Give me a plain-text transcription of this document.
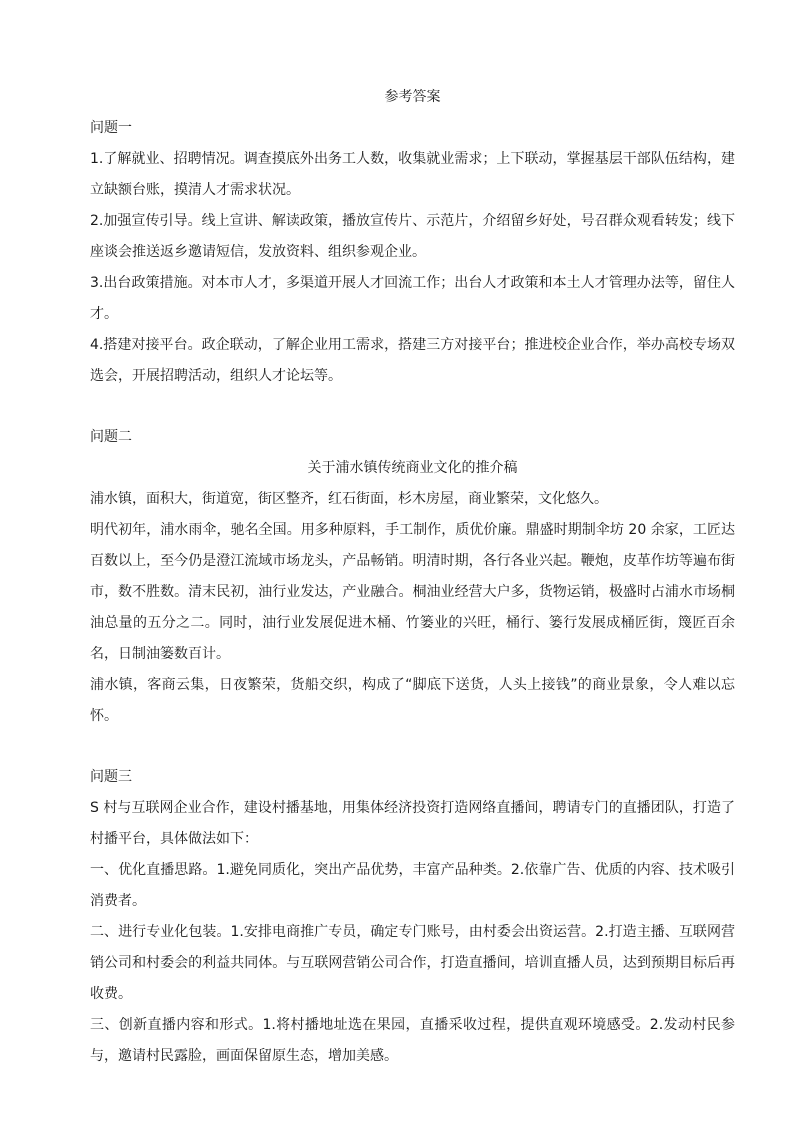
参考答案

问题一

1.了解就业、招聘情况。调查摸底外出务工人数，收集就业需求；上下联动，掌握基层干部队伍结构，建立缺额台账，摸清人才需求状况。

2.加强宣传引导。线上宣讲、解读政策，播放宣传片、示范片，介绍留乡好处，号召群众观看转发；线下座谈会推送返乡邀请短信，发放资料、组织参观企业。

3.出台政策措施。对本市人才，多渠道开展人才回流工作；出台人才政策和本土人才管理办法等，留住人才。

4.搭建对接平台。政企联动，了解企业用工需求，搭建三方对接平台；推进校企业合作，举办高校专场双选会，开展招聘活动，组织人才论坛等。

问题二

关于浦水镇传统商业文化的推介稿

浦水镇，面积大，街道宽，街区整齐，红石街面，杉木房屋，商业繁荣，文化悠久。

明代初年，浦水雨伞，驰名全国。用多种原料，手工制作，质优价廉。鼎盛时期制伞坊 20 余家，工匠达百数以上，至今仍是澄江流域市场龙头，产品畅销。明清时期，各行各业兴起。鞭炮，皮革作坊等遍布街市，数不胜数。清末民初，油行业发达，产业融合。桐油业经营大户多，货物运销，极盛时占浦水市场桐油总量的五分之二。同时，油行业发展促进木桶、竹篓业的兴旺，桶行、篓行发展成桶匠街，篾匠百余名，日制油篓数百计。

浦水镇，客商云集，日夜繁荣，货船交织，构成了“脚底下送货，人头上接钱”的商业景象，令人难以忘怀。

问题三

S 村与互联网企业合作，建设村播基地，用集体经济投资打造网络直播间，聘请专门的直播团队，打造了村播平台，具体做法如下：

一、优化直播思路。1.避免同质化，突出产品优势，丰富产品种类。2.依靠广告、优质的内容、技术吸引消费者。

二、进行专业化包装。1.安排电商推广专员，确定专门账号，由村委会出资运营。2.打造主播、互联网营销公司和村委会的利益共同体。与互联网营销公司合作，打造直播间，培训直播人员，达到预期目标后再收费。

三、创新直播内容和形式。1.将村播地址选在果园，直播采收过程，提供直观环境感受。2.发动村民参与，邀请村民露脸，画面保留原生态，增加美感。
